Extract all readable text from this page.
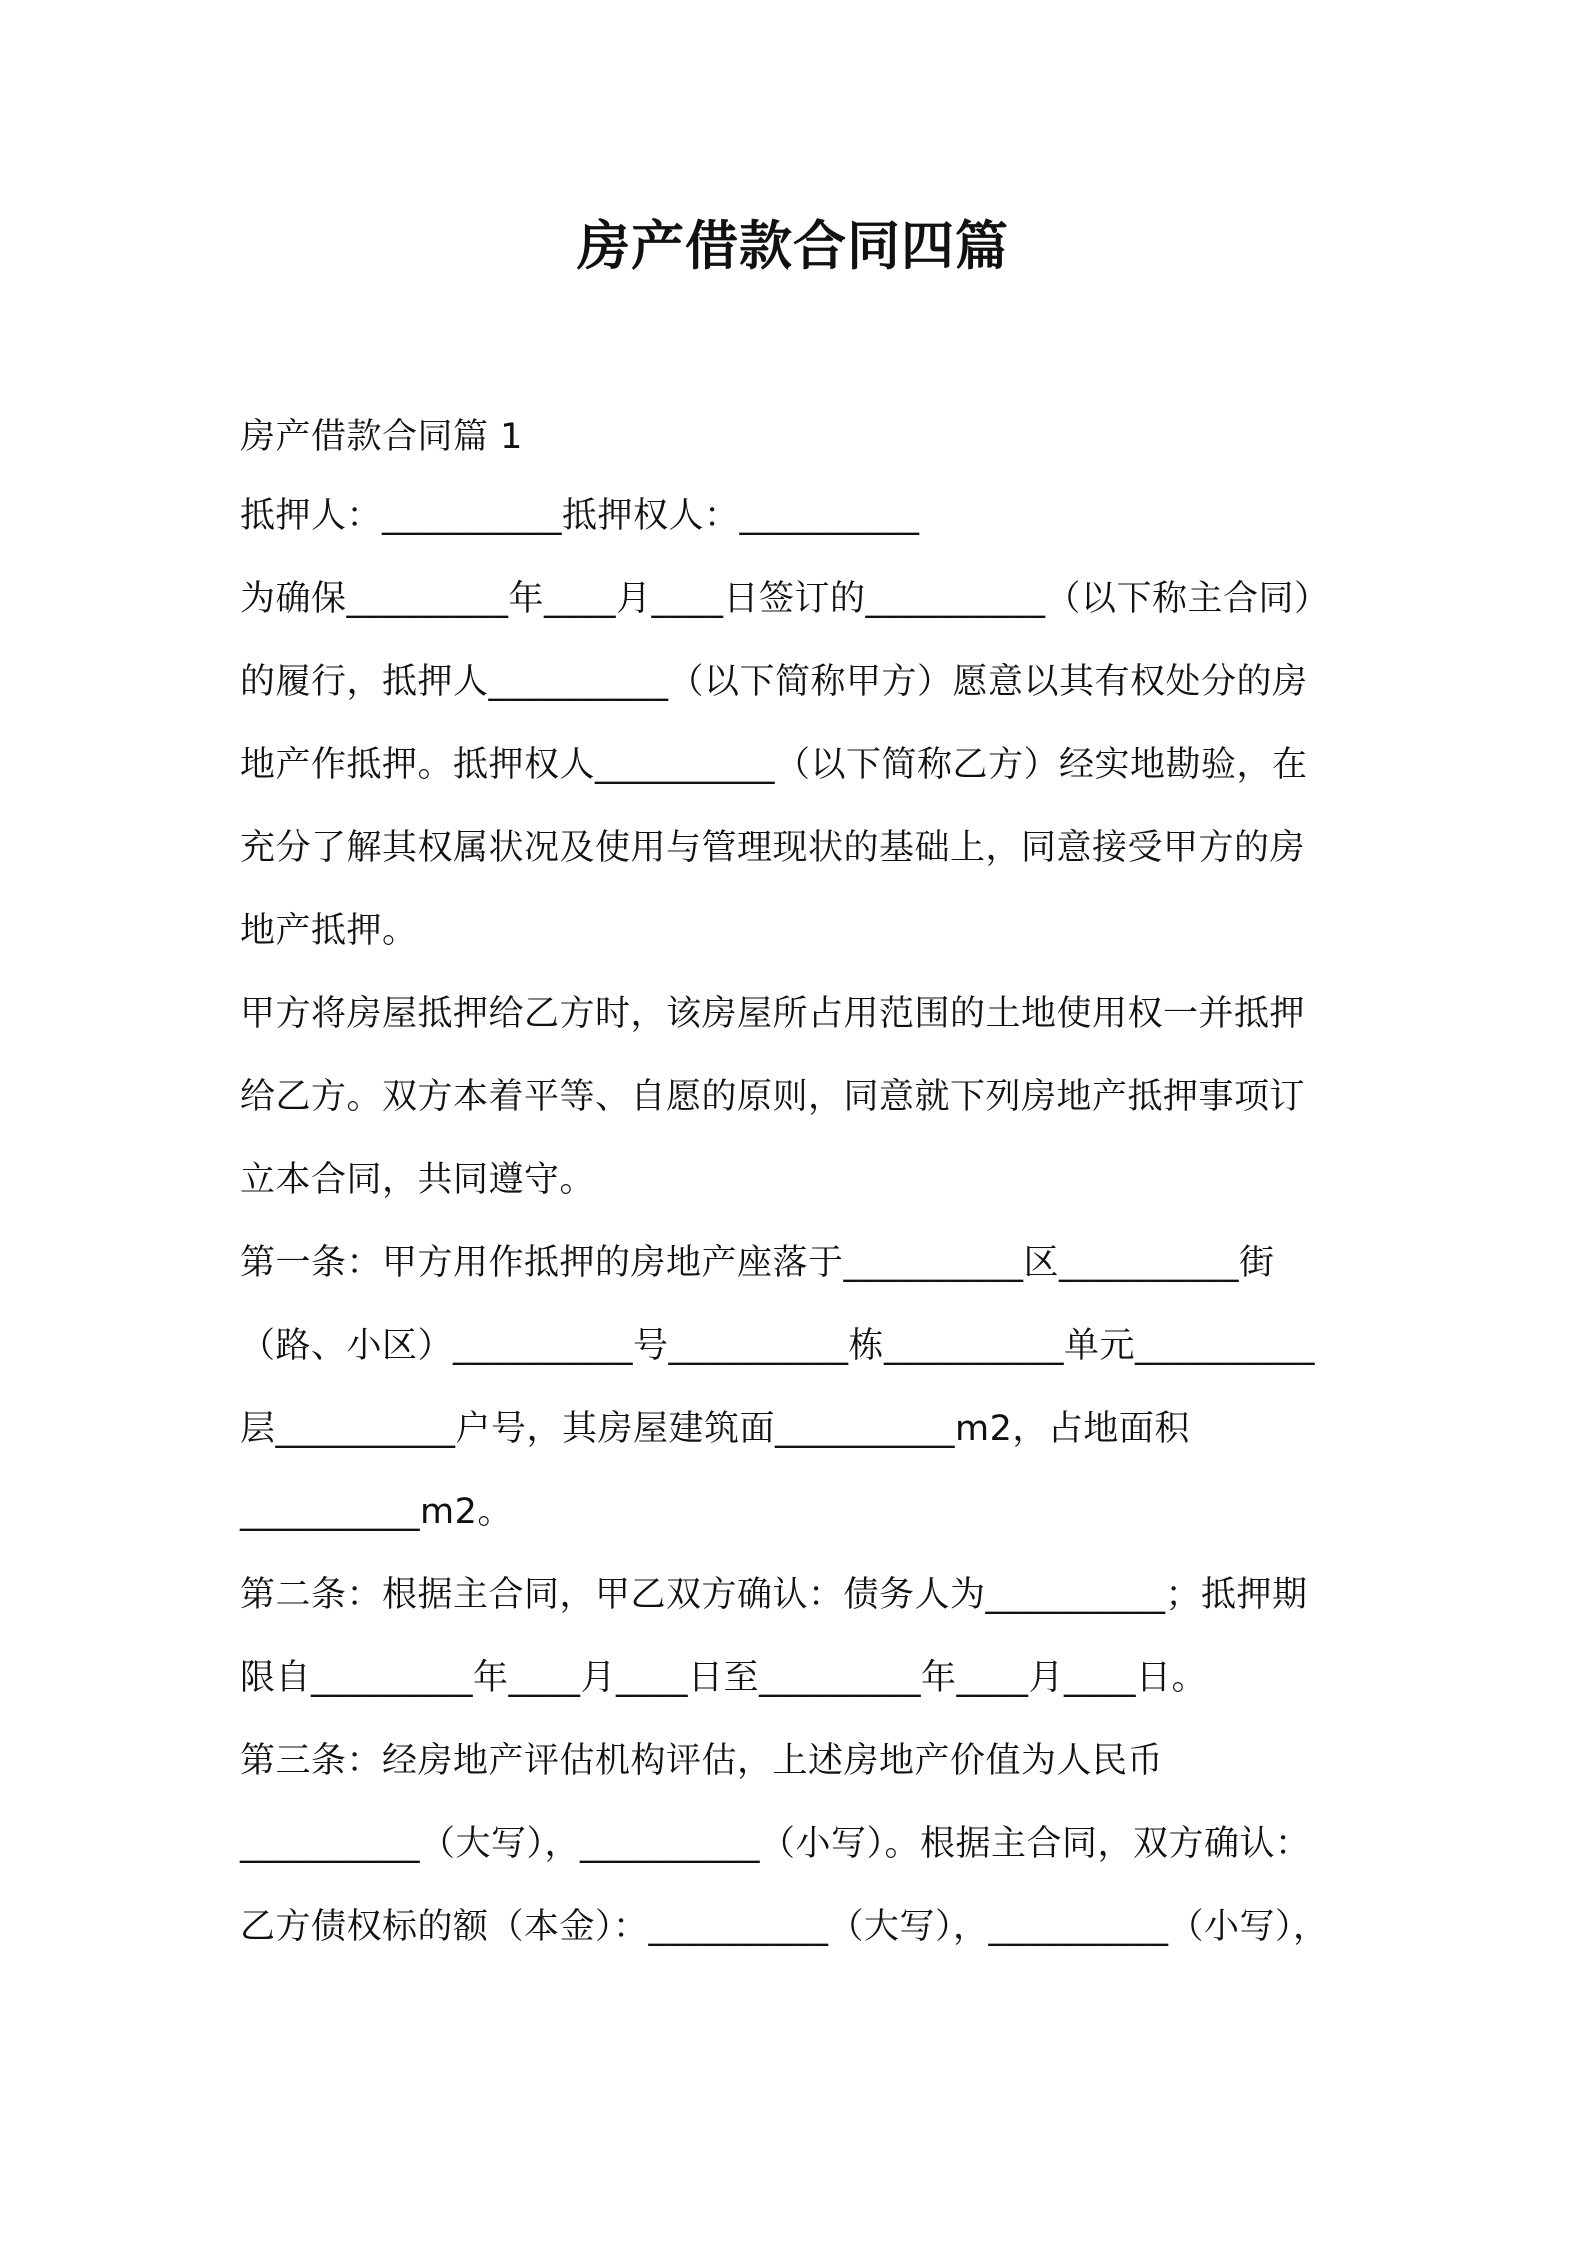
房产借款合同四篇
房产借款合同篇 1
抵押人：__________抵押权人：__________
为确保_________年____月____日签订的__________（以下称主合同）
的履行，抵押人__________（以下简称甲方）愿意以其有权处分的房
地产作抵押。抵押权人__________（以下简称乙方）经实地勘验，在
充分了解其权属状况及使用与管理现状的基础上，同意接受甲方的房
地产抵押。
甲方将房屋抵押给乙方时，该房屋所占用范围的土地使用权一并抵押
给乙方。双方本着平等、自愿的原则，同意就下列房地产抵押事项订
立本合同，共同遵守。
第一条：甲方用作抵押的房地产座落于__________区__________街
（路、小区）__________号__________栋__________单元__________
层__________户号，其房屋建筑面__________m2，占地面积
__________m2。
第二条：根据主合同，甲乙双方确认：债务人为__________；抵押期
限自_________年____月____日至_________年____月____日。
第三条：经房地产评估机构评估，上述房地产价值为人民币
__________（大写），__________（小写）。根据主合同，双方确认：
乙方债权标的额（本金）：__________（大写），__________（小写），
